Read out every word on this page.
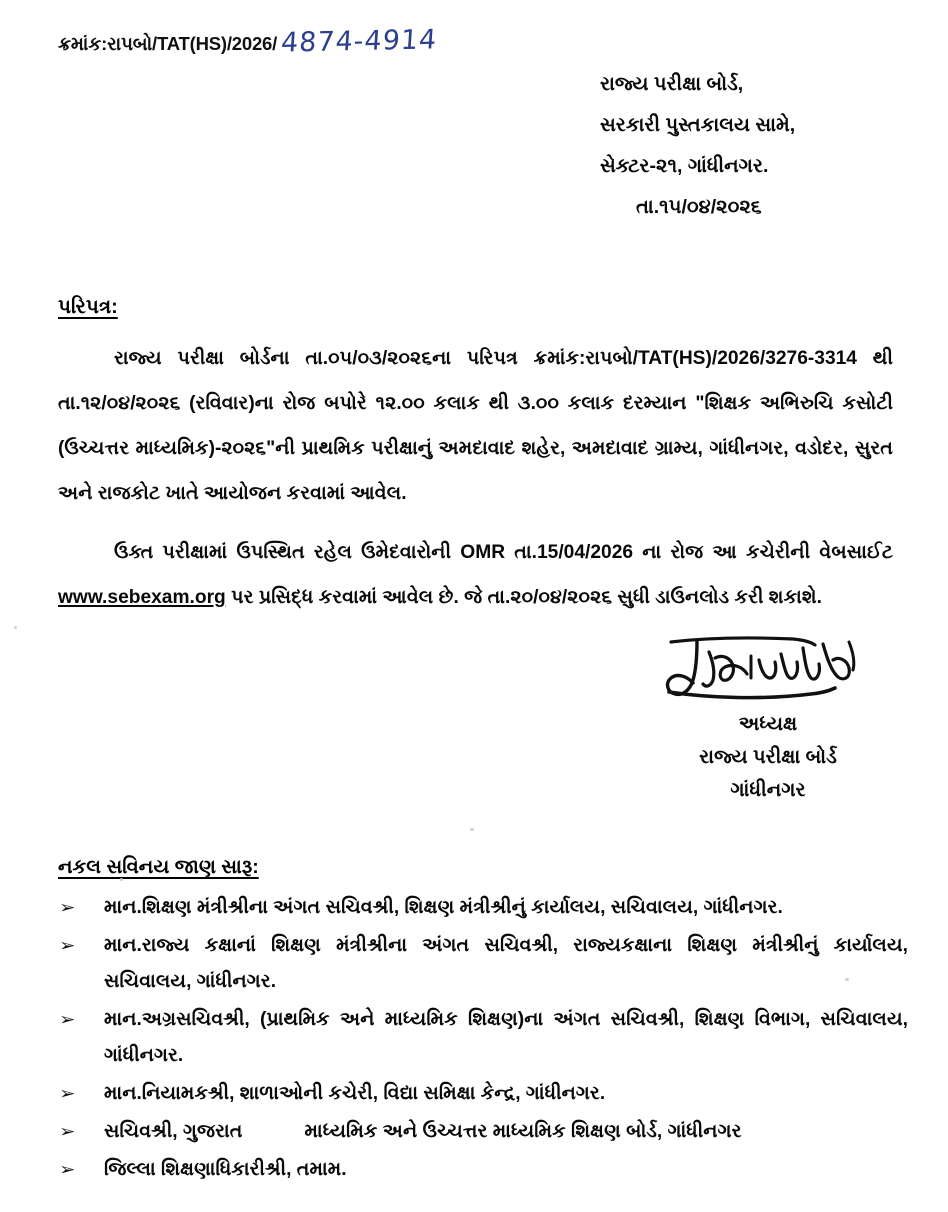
ક્રમાંક:રાપબો/TAT(HS)/2026/ 4874-4914
રાજ્ય પરીક્ષા બોર્ડ,
સરકારી પુસ્તકાલય સામે,
સેક્ટર-૨૧, ગાંધીનગર.
તા.૧૫/૦૪/૨૦૨૬
પરિપત્ર:
રાજ્ય પરીક્ષા બોર્ડના તા.૦૫/૦૩/૨૦૨૬ના પરિપત્ર ક્રમાંક:રાપબો/TAT(HS)/2026/3276-3314 થી તા.૧૨/૦૪/૨૦૨૬ (રવિવાર)ના રોજ બપોરે ૧૨.૦૦ કલાક થી ૩.૦૦ કલાક દરમ્યાન "શિક્ષક અભિરુચિ કસોટી (ઉચ્ચત્તર માધ્યમિક)-૨૦૨૬"ની પ્રાથમિક પરીક્ષાનું અમદાવાદ શહેર, અમદાવાદ ગ્રામ્ય, ગાંધીનગર, વડોદર, સુરત અને રાજકોટ ખાતે આયોજન કરવામાં આવેલ.
ઉક્ત પરીક્ષામાં ઉપસ્થિત રહેલ ઉમેદવારોની OMR તા.15/04/2026 ના રોજ આ કચેરીની વેબસાઈટ www.sebexam.org પર પ્રસિદ્ધ કરવામાં આવેલ છે. જે તા.૨૦/૦૪/૨૦૨૬ સુધી ડાઉનલોડ કરી શકાશે.
અધ્યક્ષ
રાજ્ય પરીક્ષા બોર્ડ
ગાંધીનગર
નકલ સવિનય જાણ સારૂ:
➢	માન.શિક્ષણ મંત્રીશ્રીના અંગત સચિવશ્રી, શિક્ષણ મંત્રીશ્રીનું કાર્યાલય, સચિવાલય, ગાંધીનગર.
➢	માન.રાજ્ય કક્ષાનાં શિક્ષણ મંત્રીશ્રીના અંગત સચિવશ્રી, રાજ્યકક્ષાના શિક્ષણ મંત્રીશ્રીનું કાર્યાલય, સચિવાલય, ગાંધીનગર.
➢	માન.અગ્રસચિવશ્રી, (પ્રાથમિક અને માધ્યમિક શિક્ષણ)ના અંગત સચિવશ્રી, શિક્ષણ વિભાગ, સચિવાલય, ગાંધીનગર.
➢	માન.નિયામકશ્રી, શાળાઓની કચેરી, વિદ્યા સમિક્ષા કેન્દ્ર, ગાંધીનગર.
➢	સચિવશ્રી, ગુજરાત	માધ્યમિક અને ઉચ્ચત્તર માધ્યમિક શિક્ષણ બોર્ડ, ગાંધીનગર
➢	જિલ્લા શિક્ષણાધિકારીશ્રી, તમામ.
